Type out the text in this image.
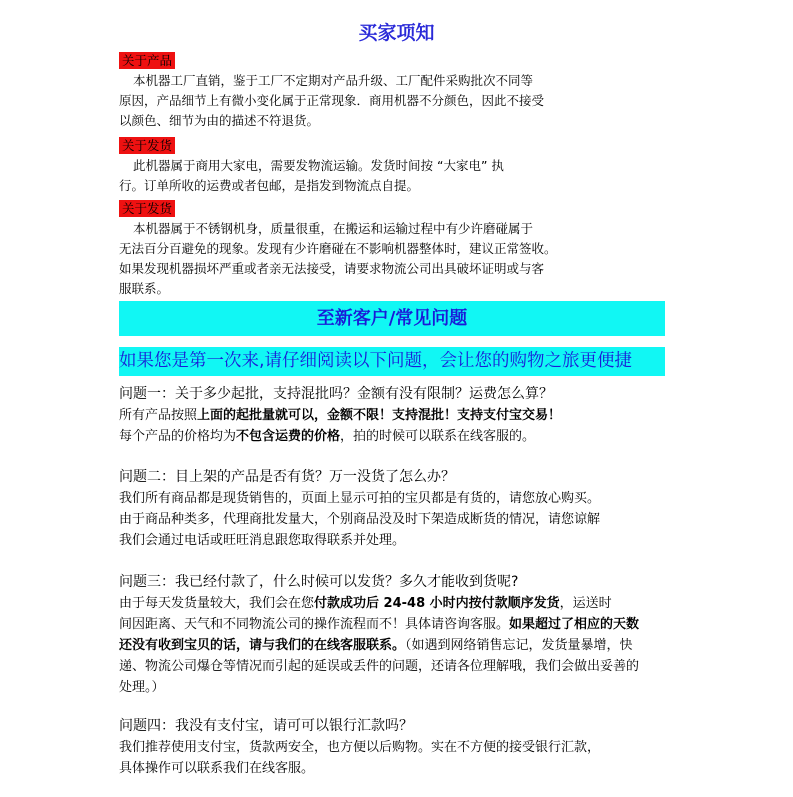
买家项知
关于产品
本机器工厂直销，鉴于工厂不定期对产品升级、工厂配件采购批次不同等
原因，产品细节上有微小变化属于正常现象．商用机器不分颜色，因此不接受
以颜色、细节为由的描述不符退货。
关于发货
此机器属于商用大家电，需要发物流运输。发货时间按 “大家电” 执
行。订单所收的运费或者包邮，是指发到物流点自提。
关于发货
本机器属于不锈钢机身，质量很重，在搬运和运输过程中有少许磨碰属于
无法百分百避免的现象。发现有少许磨碰在不影响机器整体时，建议正常签收。
如果发现机器损坏严重或者亲无法接受，请要求物流公司出具破坏证明或与客
服联系。
至新客户/常见问题
如果您是第一次来,请仔细阅读以下问题，会让您的购物之旅更便捷
问题一：关于多少起批，支持混批吗？金额有没有限制？运费怎么算？
所有产品按照上面的起批量就可以，金额不限！支持混批！支持支付宝交易！
每个产品的价格均为不包含运费的价格，拍的时候可以联系在线客服的。
问题二：目上架的产品是否有货？万一没货了怎么办？
我们所有商品都是现货销售的，页面上显示可拍的宝贝都是有货的，请您放心购买。
由于商品种类多，代理商批发量大，个别商品没及时下架造成断货的情况，请您谅解
我们会通过电话或旺旺消息跟您取得联系并处理。
问题三：我已经付款了，什么时候可以发货？多久才能收到货呢?
由于每天发货量较大，我们会在您付款成功后 24-48 小时内按付款顺序发货，运送时
间因距离、天气和不同物流公司的操作流程而不！具体请咨询客服。如果超过了相应的天数
还没有收到宝贝的话，请与我们的在线客服联系。（如遇到网络销售忘记，发货量暴增，快
递、物流公司爆仓等情况而引起的延误或丢件的问题，还请各位理解哦，我们会做出妥善的
处理。）
问题四：我没有支付宝，请可可以银行汇款吗？
我们推荐使用支付宝，货款两安全，也方便以后购物。实在不方便的接受银行汇款，
具体操作可以联系我们在线客服。
